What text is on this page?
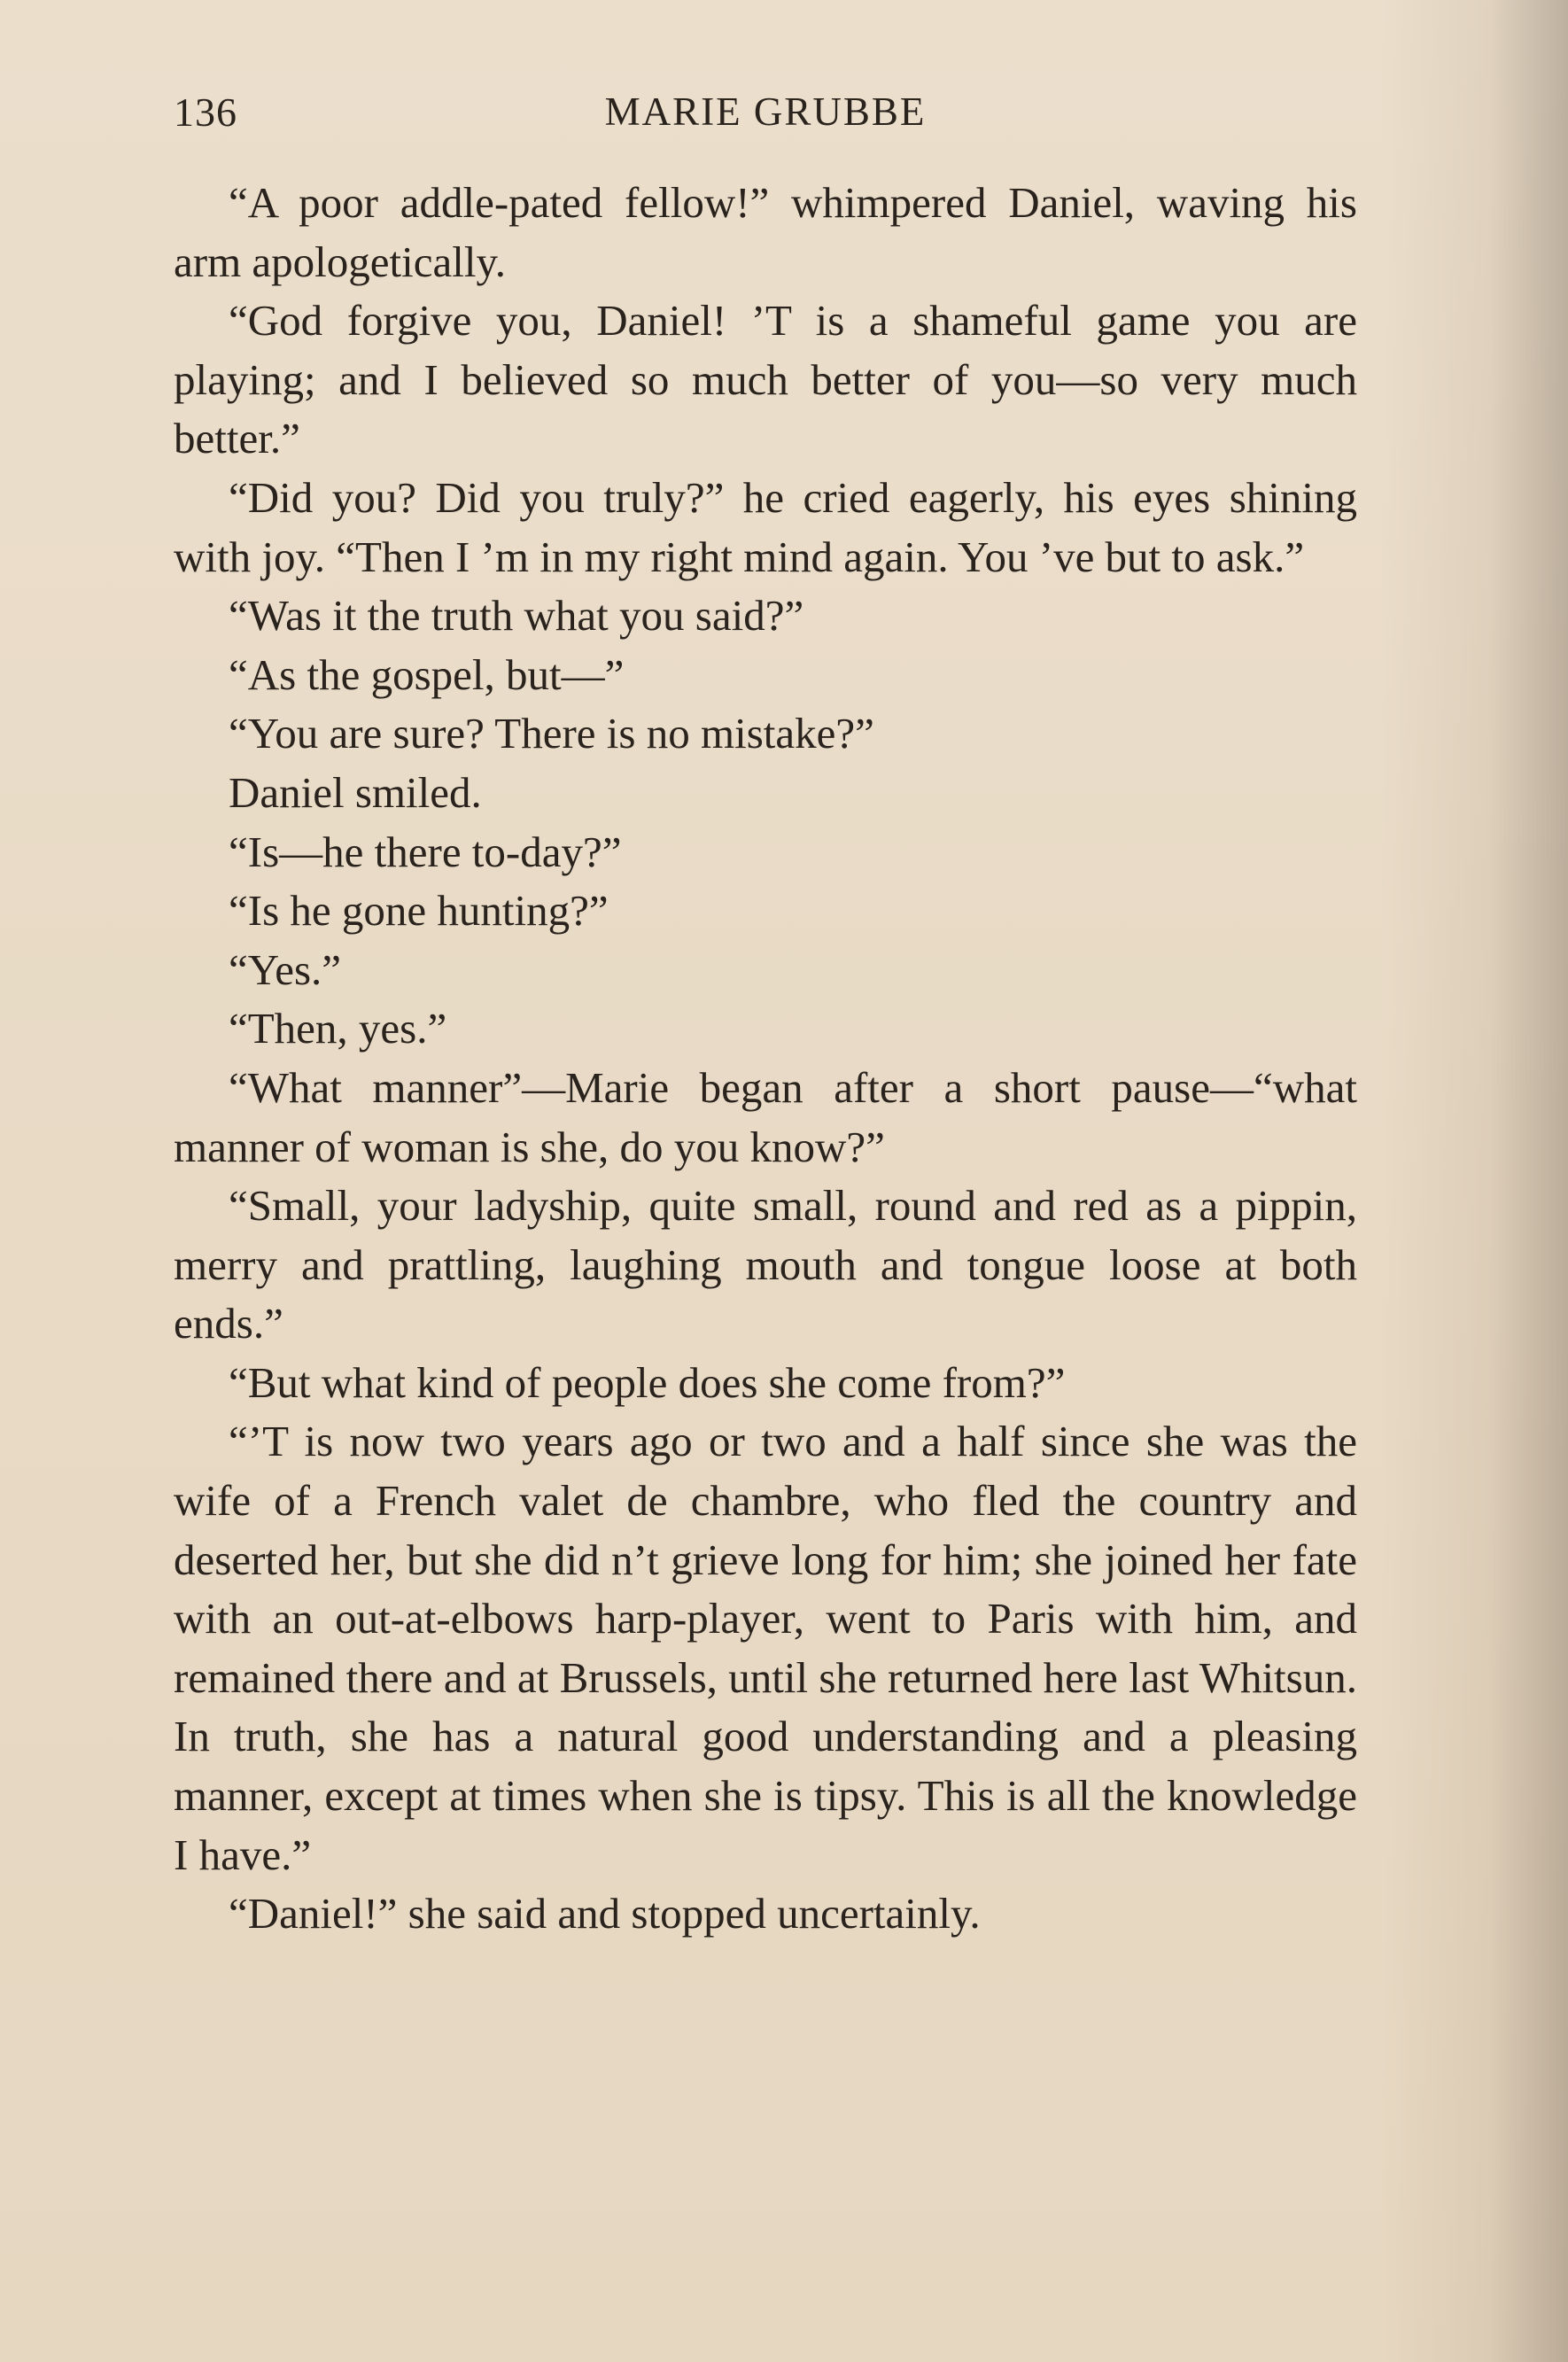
136	MARIE GRUBBE

“A poor addle-pated fellow!” whimpered Daniel, waving his arm apologetically.

“God forgive you, Daniel! ’T is a shameful game you are playing; and I believed so much better of you—so very much better.”

“Did you? Did you truly?” he cried eagerly, his eyes shining with joy. “Then I ’m in my right mind again. You ’ve but to ask.”

“Was it the truth what you said?”

“As the gospel, but—”

“You are sure? There is no mistake?”

Daniel smiled.

“Is—he there to-day?”

“Is he gone hunting?”

“Yes.”

“Then, yes.”

“What manner”—Marie began after a short pause—“what manner of woman is she, do you know?”

“Small, your ladyship, quite small, round and red as a pippin, merry and prattling, laughing mouth and tongue loose at both ends.”

“But what kind of people does she come from?”

“’T is now two years ago or two and a half since she was the wife of a French valet de chambre, who fled the country and deserted her, but she did n’t grieve long for him; she joined her fate with an out-at-elbows harp-player, went to Paris with him, and remained there and at Brussels, until she returned here last Whitsun. In truth, she has a natural good understanding and a pleasing manner, except at times when she is tipsy. This is all the knowledge I have.”

“Daniel!” she said and stopped uncertainly.
